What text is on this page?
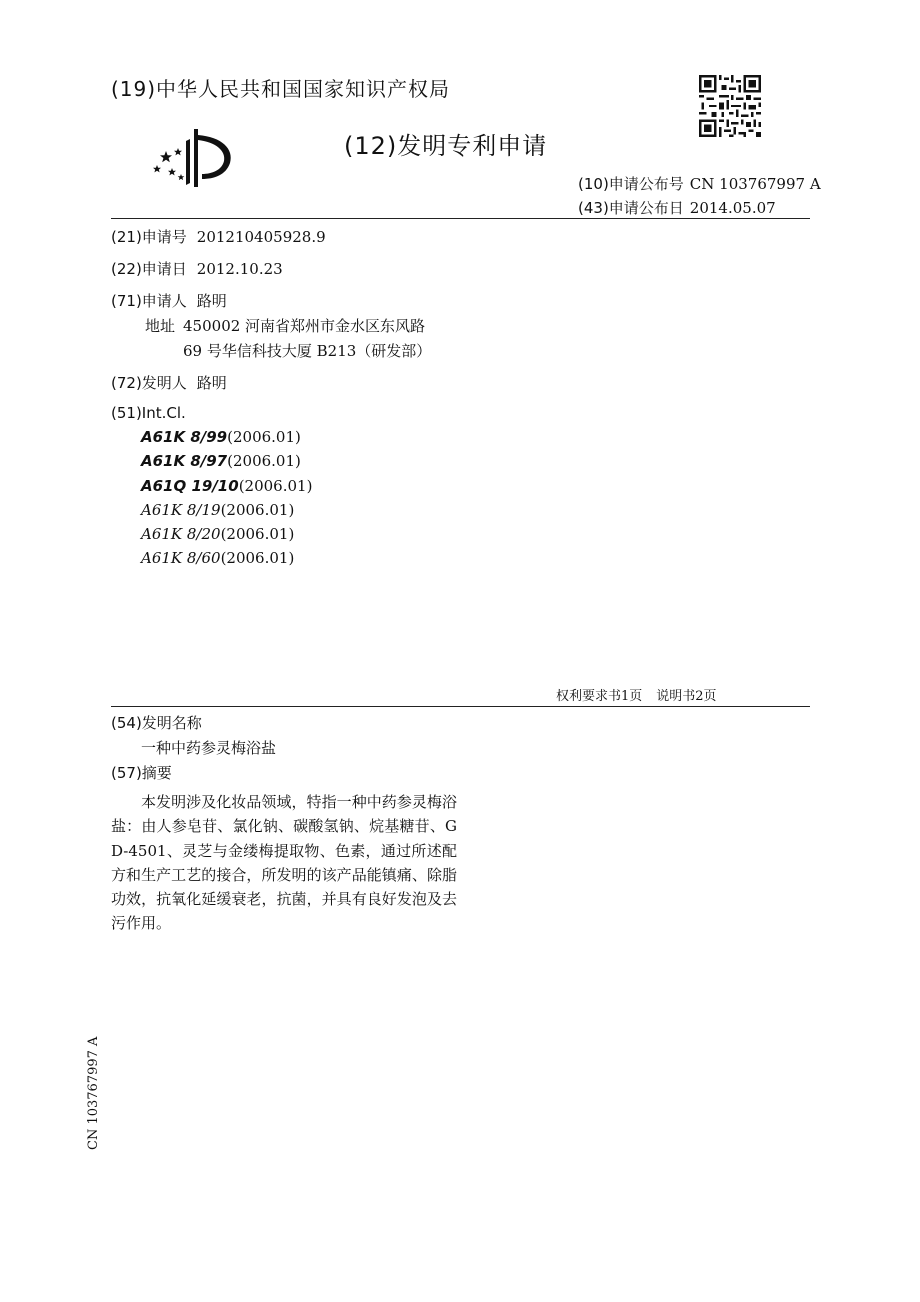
(19)中华人民共和国国家知识产权局
(12)发明专利申请
(10)申请公布号 CN 103767997 A
(43)申请公布日 2014.05.07
(21)申请号 201210405928.9
(22)申请日 2012.10.23
(71)申请人 路明
地址 450002 河南省郑州市金水区东风路
69 号华信科技大厦 B213（研发部）
(72)发明人 路明
(51)Int.Cl.
A61K 8/99(2006.01)
A61K 8/97(2006.01)
A61Q 19/10(2006.01)
A61K 8/19(2006.01)
A61K 8/20(2006.01)
A61K 8/60(2006.01)
权利要求书1页 说明书2页
(54)发明名称
一种中药参灵梅浴盐
(57)摘要
本发明涉及化妆品领域，特指一种中药参灵梅浴盐：由人参皂苷、氯化钠、碳酸氢钠、烷基糖苷、GD-4501、灵芝与金缕梅提取物、色素，通过所述配方和生产工艺的接合，所发明的该产品能镇痛、除脂功效，抗氧化延缓衰老，抗菌，并具有良好发泡及去污作用。
CN 103767997 A
